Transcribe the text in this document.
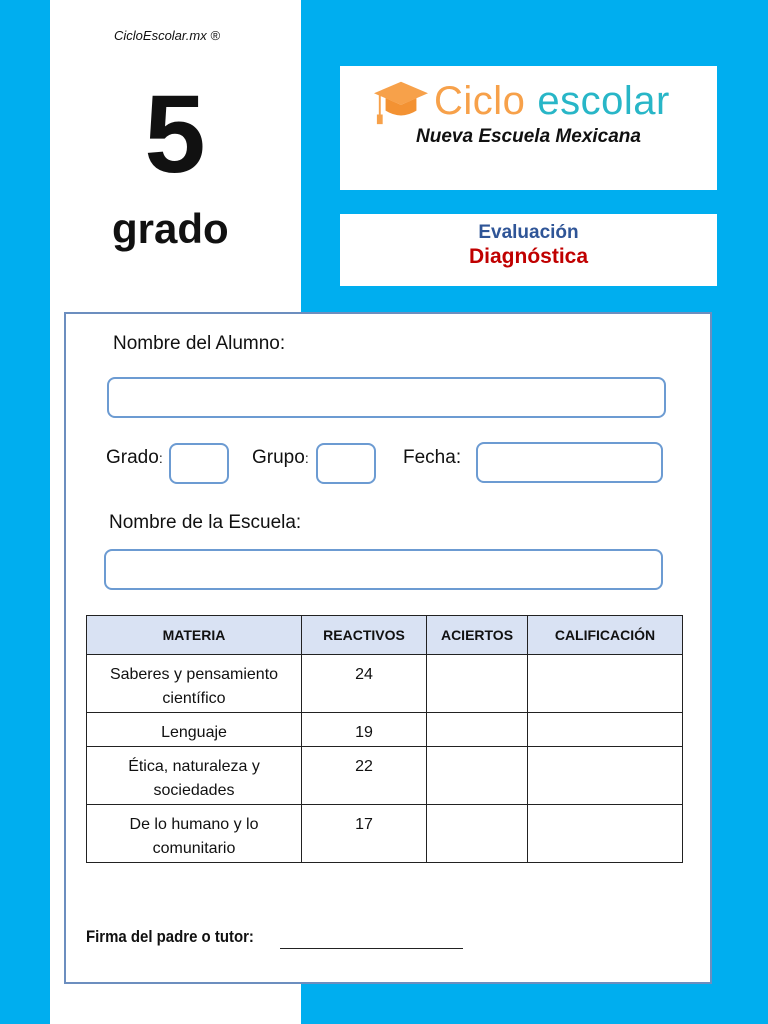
CicloEscolar.mx ®
5
grado
Ciclo escolar
Nueva Escuela Mexicana
Evaluación
Diagnóstica
Nombre del Alumno:
Grado:	Grupo:	Fecha:
Nombre de la Escuela:
MATERIA	REACTIVOS	ACIERTOS	CALIFICACIÓN
Saberes y pensamiento
científico	24		
Lenguaje	19		
Ética, naturaleza y
sociedades	22		
De lo humano y lo
comunitario	17		
Firma del padre o tutor:
